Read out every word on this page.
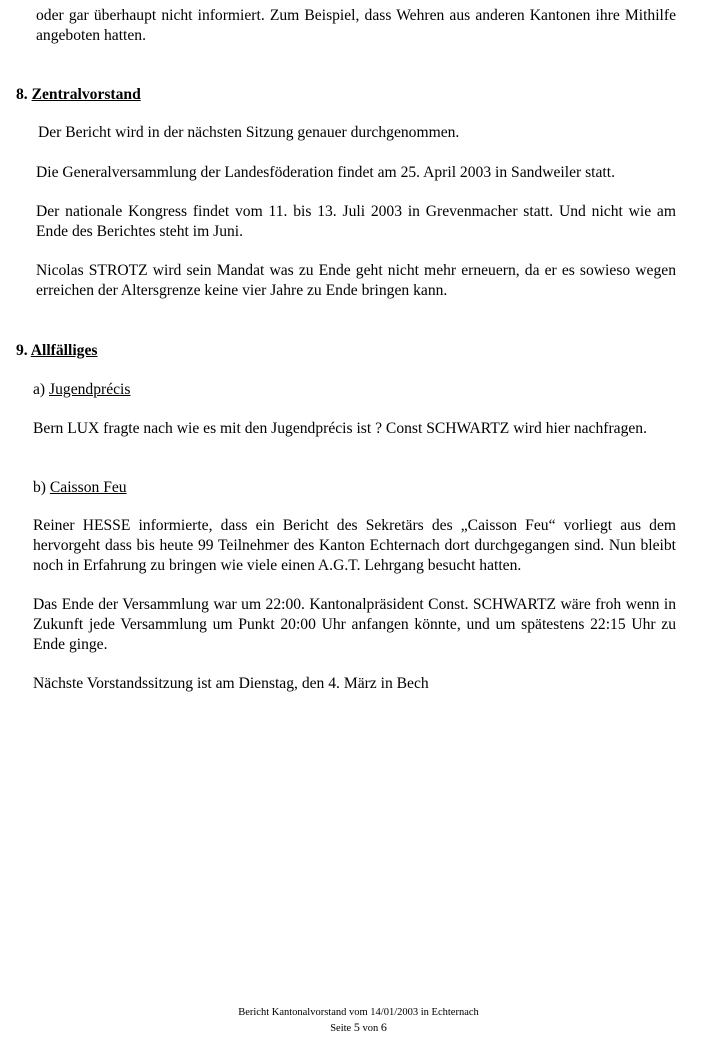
oder gar überhaupt nicht informiert. Zum Beispiel, dass Wehren aus anderen Kantonen ihre Mithilfe angeboten hatten.
8. Zentralvorstand
Der Bericht wird in der nächsten Sitzung genauer durchgenommen.
Die Generalversammlung der Landesföderation findet am 25. April 2003 in Sandweiler statt.
Der nationale Kongress findet vom 11. bis 13. Juli 2003 in Grevenmacher statt. Und nicht wie am Ende des Berichtes steht im Juni.
Nicolas STROTZ wird sein Mandat was zu Ende geht nicht mehr erneuern, da er es sowieso wegen erreichen der Altersgrenze keine vier Jahre zu Ende bringen kann.
9. Allfälliges
a) Jugendprécis
Bern LUX fragte nach wie es mit den Jugendprécis ist ? Const SCHWARTZ wird hier nachfragen.
b) Caisson Feu
Reiner HESSE informierte, dass ein Bericht des Sekretärs des „Caisson Feu“ vorliegt aus dem hervorgeht dass bis heute 99 Teilnehmer des Kanton Echternach dort durchgegangen sind. Nun bleibt noch in Erfahrung zu bringen wie viele einen A.G.T. Lehrgang besucht hatten.
Das Ende der Versammlung war um 22:00. Kantonalpräsident Const. SCHWARTZ wäre froh wenn in Zukunft jede Versammlung um Punkt 20:00 Uhr anfangen könnte, und um spätestens 22:15 Uhr zu Ende ginge.
Nächste Vorstandssitzung ist am Dienstag, den 4. März in Bech
Bericht Kantonalvorstand vom 14/01/2003 in Echternach
Seite 5 von 6
